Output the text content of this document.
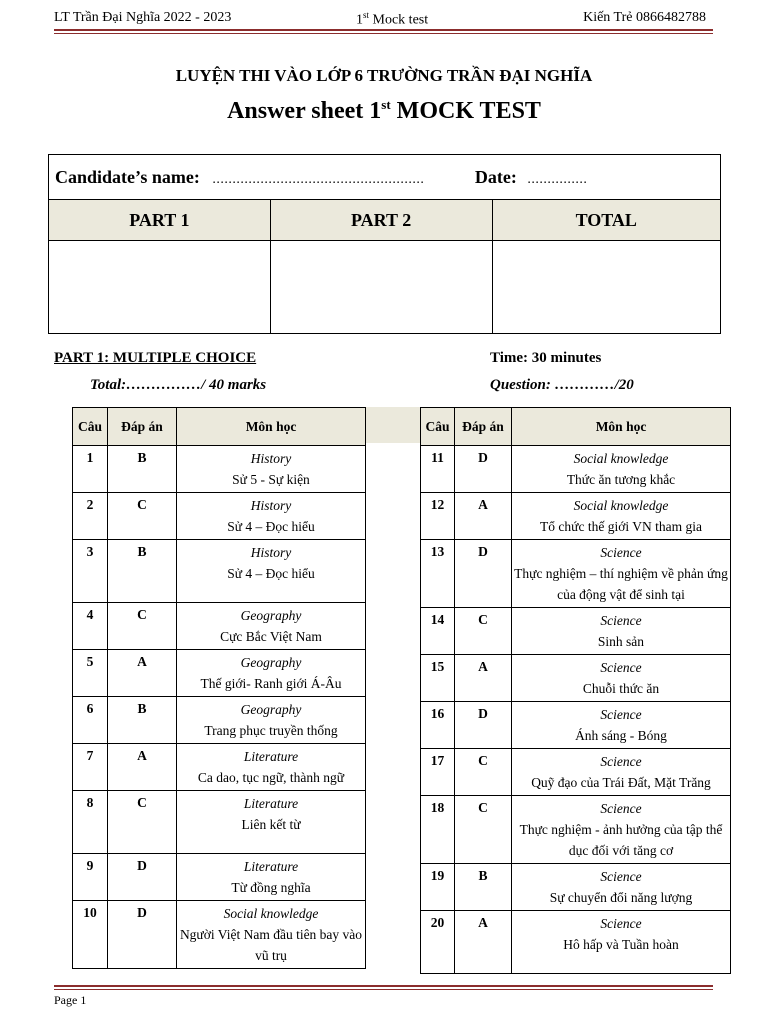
LT Trần Đại Nghĩa 2022 - 2023	1st Mock test	Kiến Trẻ 0866482788
LUYỆN THI VÀO LỚP 6 TRƯỜNG TRẦN ĐẠI NGHĨA
Answer sheet 1st MOCK TEST
Candidate’s name: ..................................................... Date: ...............		
PART 1	PART 2	TOTAL

PART 1: MULTIPLE CHOICE	Time: 30 minutes
Total:……………/ 40 marks	Question: …………/20
Câu	Đáp án	Môn học
1	B	History
Sử 5 - Sự kiện

2	C	History
Sử 4 – Đọc hiểu

3	B	History
Sử 4 – Đọc hiểu

4	C	Geography
Cực Bắc Việt Nam

5	A	Geography
Thế giới- Ranh giới Á-Âu

6	B	Geography
Trang phục truyền thống

7	A	Literature
Ca dao, tục ngữ, thành ngữ

8	C	Literature
Liên kết từ

9	D	Literature
Từ đồng nghĩa

10	D	Social knowledge
Người Việt Nam đầu tiên bay vào vũ trụ
Câu	Đáp án	Môn học
11	D	Social knowledge
Thức ăn tương khắc

12	A	Social knowledge
Tổ chức thế giới VN tham gia

13	D	Science
Thực nghiệm – thí nghiệm về phản ứng của động vật để sinh tại

14	C	Science
Sinh sản

15	A	Science
Chuỗi thức ăn

16	D	Science
Ánh sáng - Bóng

17	C	Science
Quỹ đạo của Trái Đất, Mặt Trăng

18	C	Science
Thực nghiệm - ảnh hưởng của tập thể dục đối với tăng cơ

19	B	Science
Sự chuyển đổi năng lượng

20	A	Science
Hô hấp và Tuần hoàn
Page 1
